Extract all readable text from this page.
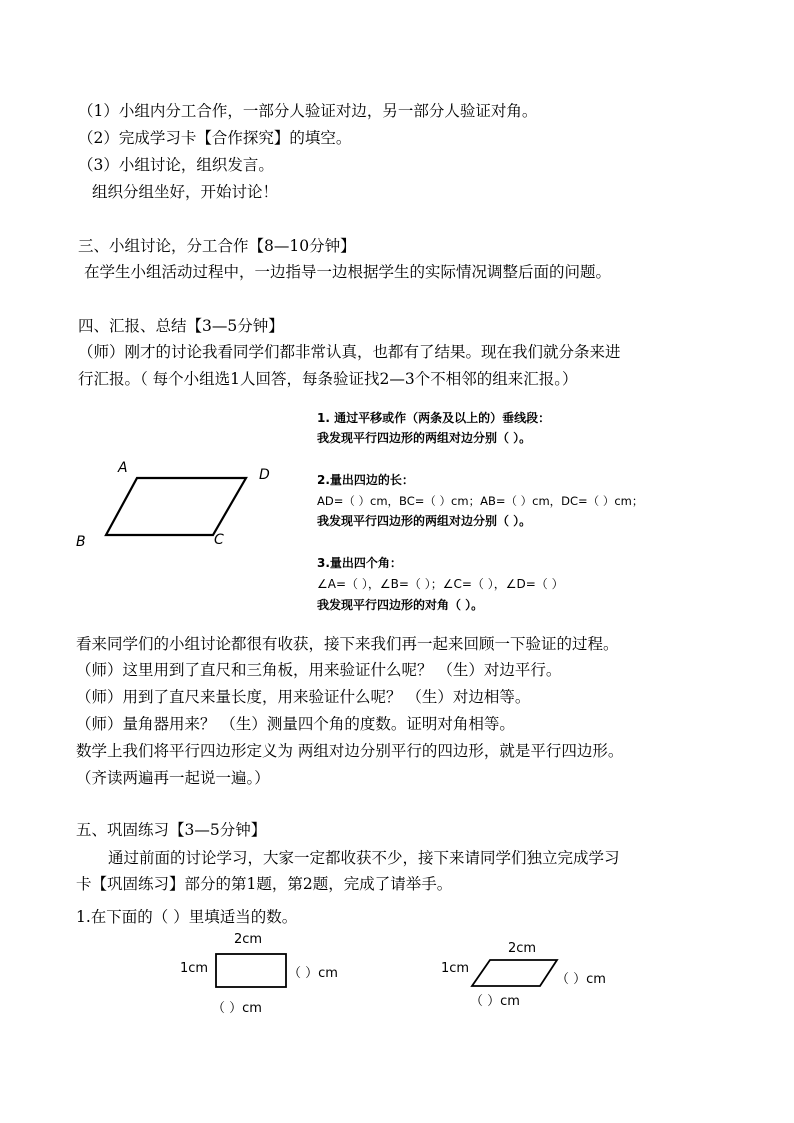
（1）小组内分工合作，一部分人验证对边，另一部分人验证对角。
（2）完成学习卡【合作探究】的填空。
（3）小组讨论，组织发言。
组织分组坐好，开始讨论！
三、小组讨论，分工合作【8—10分钟】
在学生小组活动过程中，一边指导一边根据学生的实际情况调整后面的问题。
四、汇报、总结【3—5分钟】
（师）刚才的讨论我看同学们都非常认真，也都有了结果。现在我们就分条来进
行汇报。（ 每个小组选1人回答，每条验证找2—3个不相邻的组来汇报。）
A	D
B	C
1. 通过平移或作（两条及以上的）垂线段：
我发现平行四边形的两组对边分别（ ）。
2.量出四边的长：
AD=（ ）cm，BC=（ ）cm；AB=（ ）cm，DC=（ ）cm；
我发现平行四边形的两组对边分别（ ）。
3.量出四个角：
∠A=（ ），∠B=（ ）；∠C=（ ），∠D=（ ）
我发现平行四边形的对角（ ）。
看来同学们的小组讨论都很有收获，接下来我们再一起来回顾一下验证的过程。
（师）这里用到了直尺和三角板，用来验证什么呢？ （生）对边平行。
（师）用到了直尺来量长度，用来验证什么呢？ （生）对边相等。
（师）量角器用来？ （生）测量四个角的度数。证明对角相等。
数学上我们将平行四边形定义为 两组对边分别平行的四边形，就是平行四边形。
（齐读两遍再一起说一遍。）
五、巩固练习【3—5分钟】
通过前面的讨论学习，大家一定都收获不少，接下来请同学们独立完成学习
卡【巩固练习】部分的第1题，第2题，完成了请举手。
1.在下面的（ ）里填适当的数。
2cm
1cm	（ ）cm
（ ）cm
2cm
1cm
（ ）cm
（ ）cm
